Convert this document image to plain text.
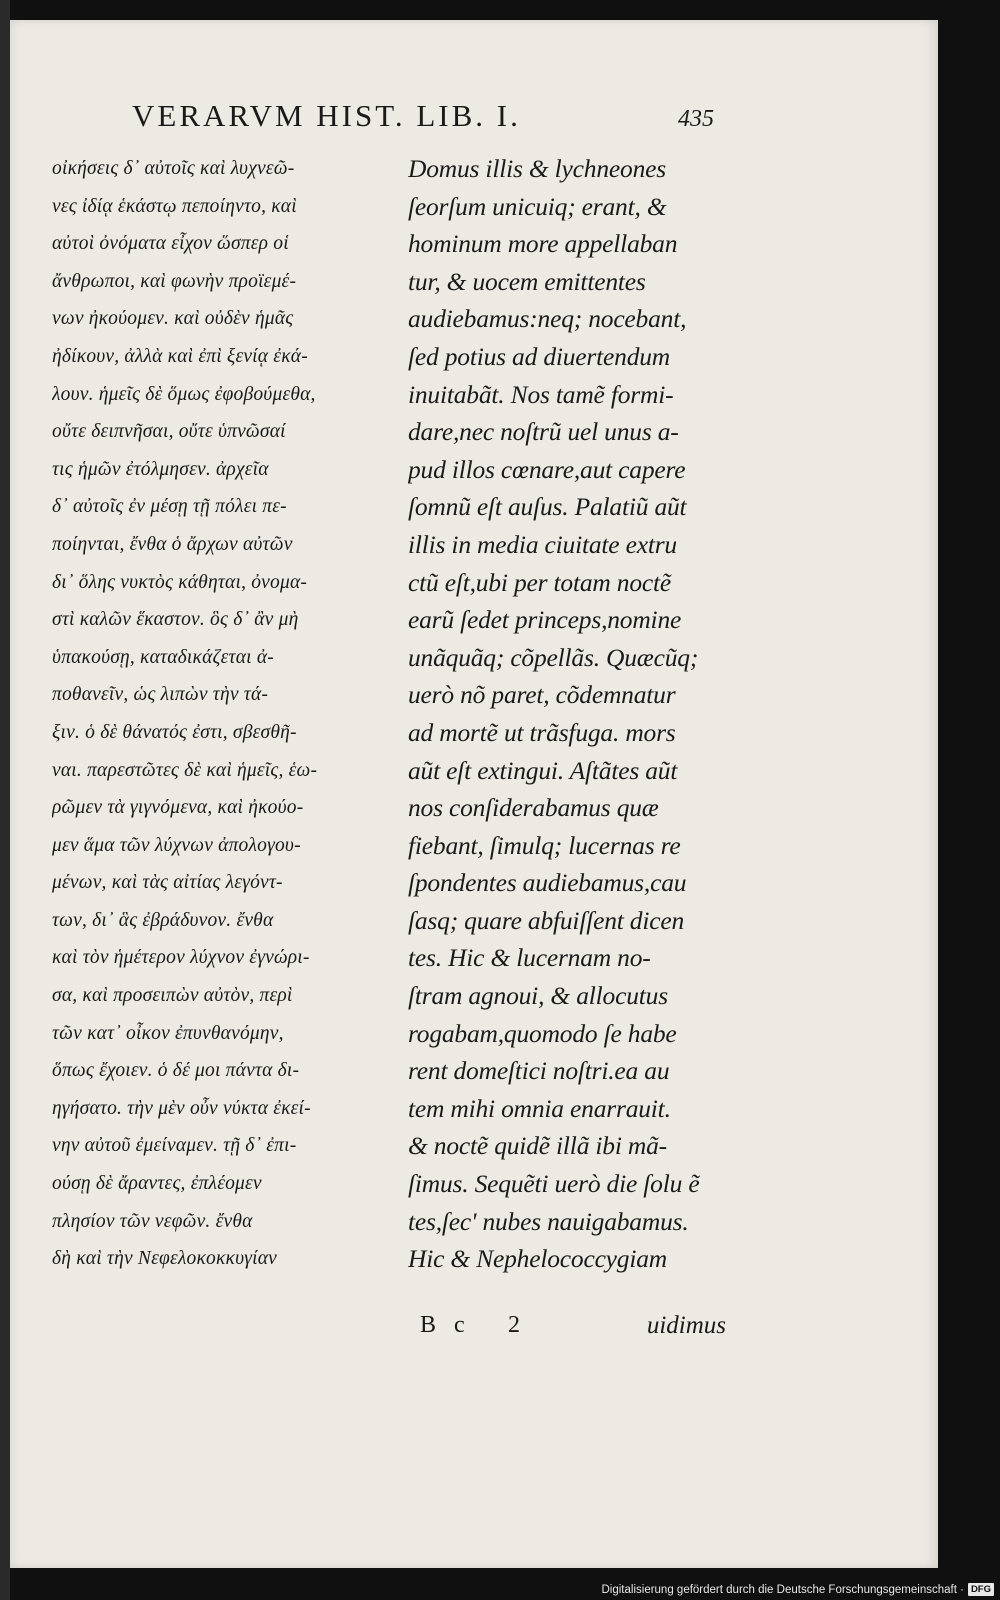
VERARVM HIST. LIB. I.	435
οἰκήσεις δ᾽ αὐτοῖς καὶ λυχνεῶ-
νες ἰδίᾳ ἑκάστῳ πεποίηντο, καὶ
αὐτοὶ ὀνόματα εἶχον ὥσπερ οἱ
ἄνθρωποι, καὶ φωνὴν προϊεμέ-
νων ἠκούομεν. καὶ οὐδὲν ἡμᾶς
ἠδίκουν, ἀλλὰ καὶ ἐπὶ ξενίᾳ ἐκά-
λουν. ἡμεῖς δὲ ὅμως ἐφοβούμεθα,
οὔτε δειπνῆσαι, οὔτε ὑπνῶσαί
τις ἡμῶν ἐτόλμησεν. ἀρχεῖα
δ᾽ αὐτοῖς ἐν μέσῃ τῇ πόλει πε-
ποίηνται, ἔνθα ὁ ἄρχων αὐτῶν
δι᾽ ὅλης νυκτὸς κάθηται, ὀνομα-
στὶ καλῶν ἕκαστον. ὃς δ᾽ ἂν μὴ
ὑπακούσῃ, καταδικάζεται ἀ-
ποθανεῖν, ὡς λιπὼν τὴν τά-
ξιν. ὁ δὲ θάνατός ἐστι, σβεσθῆ-
ναι. παρεστῶτες δὲ καὶ ἡμεῖς, ἑω-
ρῶμεν τὰ γιγνόμενα, καὶ ἠκούο-
μεν ἅμα τῶν λύχνων ἀπολογου-
μένων, καὶ τὰς αἰτίας λεγόντ-
των, δι᾽ ἃς ἐβράδυνον. ἔνθα
καὶ τὸν ἡμέτερον λύχνον ἐγνώρι-
σα, καὶ προσειπὼν αὐτὸν, περὶ
τῶν κατ᾽ οἶκον ἐπυνθανόμην,
ὅπως ἔχοιεν. ὁ δέ μοι πάντα δι-
ηγήσατο. τὴν μὲν οὖν νύκτα ἐκεί-
νην αὐτοῦ ἐμείναμεν. τῇ δ᾽ ἐπι-
ούσῃ δὲ ἄραντες, ἐπλέομεν
πλησίον τῶν νεφῶν. ἔνθα
δὴ καὶ τὴν Νεφελοκοκκυγίαν
Domus illis & lychneones
ſeorſum unicuiq; erant, &
hominum more appellaban
tur, & uocem emittentes
audiebamus:neq; nocebant,
ſed potius ad diuertendum
inuitabãt. Nos tamẽ formi-
dare,nec noſtrũ uel unus a-
pud illos cœnare,aut capere
ſomnũ eſt auſus. Palatiũ aũt
illis in media ciuitate extru
ctũ eſt,ubi per totam noctẽ
earũ ſedet princeps,nomine
unãquãq; cõpellãs. Quæcũq;
uerò nõ paret, cõdemnatur
ad mortẽ ut trãsfuga. mors
aũt eſt extingui. Aſtãtes aũt
nos conſiderabamus quæ
fiebant, ſimulq; lucernas re
ſpondentes audiebamus,cau
ſasq; quare abfuiſſent dicen
tes. Hic & lucernam no-
ſtram agnoui, & allocutus
rogabam,quomodo ſe habe
rent domeſtici noſtri.ea au
tem mihi omnia enarrauit.
& noctẽ quidẽ illã ibi mã-
ſimus. Sequẽti uerò die ſolu ẽ
tes,ſec' nubes nauigabamus.
Hic & Nephelococcygiam
B c 2	uidimus
Digitalisierung gefördert durch die Deutsche Forschungsgemeinschaft · DFG
